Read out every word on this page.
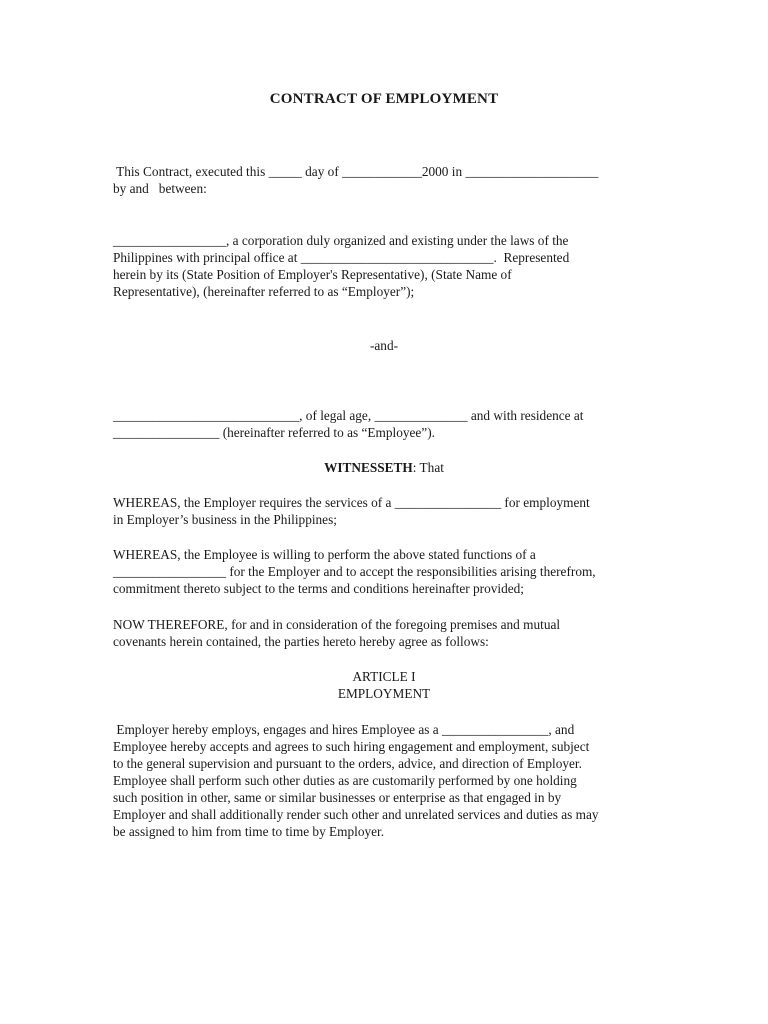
CONTRACT OF EMPLOYMENT
This Contract, executed this _____ day of ____________2000 in ____________________
by and   between:
_________________, a corporation duly organized and existing under the laws of the
Philippines with principal office at _____________________________.  Represented
herein by its (State Position of Employer's Representative), (State Name of
Representative), (hereinafter referred to as “Employer”);
-and-
____________________________, of legal age, ______________ and with residence at
________________ (hereinafter referred to as “Employee”).
WITNESSETH: That
WHEREAS, the Employer requires the services of a ________________ for employment
in Employer’s business in the Philippines;
WHEREAS, the Employee is willing to perform the above stated functions of a
_________________ for the Employer and to accept the responsibilities arising therefrom,
commitment thereto subject to the terms and conditions hereinafter provided;
NOW THEREFORE, for and in consideration of the foregoing premises and mutual
covenants herein contained, the parties hereto hereby agree as follows:
ARTICLE I
EMPLOYMENT
Employer hereby employs, engages and hires Employee as a ________________, and
Employee hereby accepts and agrees to such hiring engagement and employment, subject
to the general supervision and pursuant to the orders, advice, and direction of Employer.
Employee shall perform such other duties as are customarily performed by one holding
such position in other, same or similar businesses or enterprise as that engaged in by
Employer and shall additionally render such other and unrelated services and duties as may
be assigned to him from time to time by Employer.
